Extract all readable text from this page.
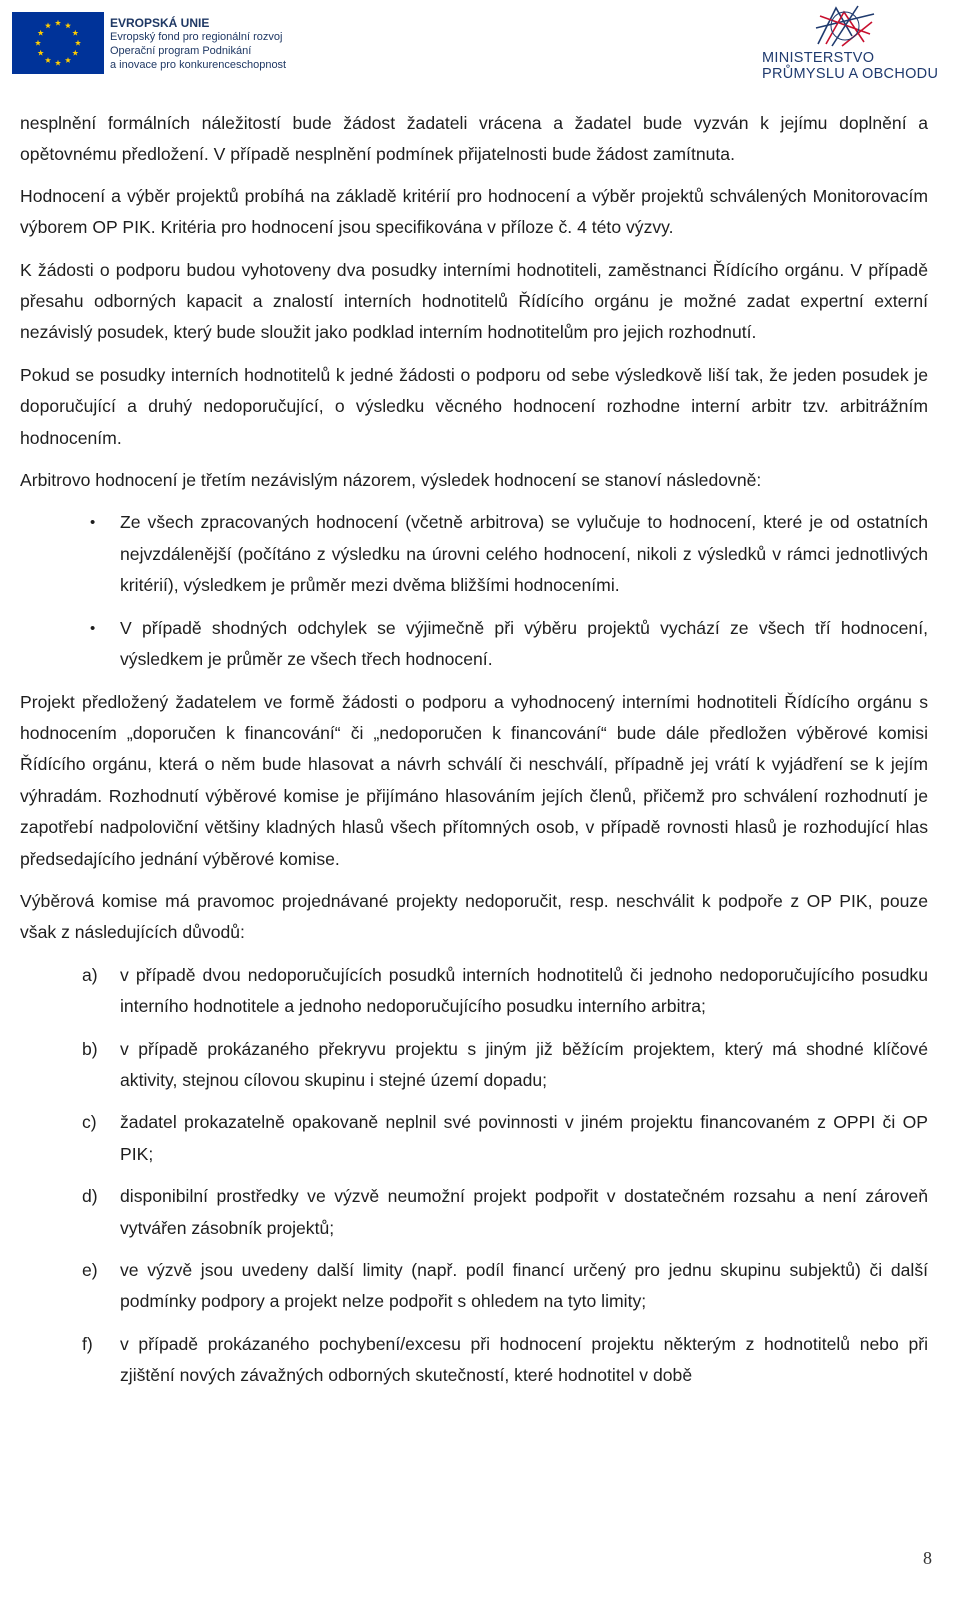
EVROPSKÁ UNIE
Evropský fond pro regionální rozvoj
Operační program Podnikání
a inovace pro konkurenceschopnost	MINISTERSTVO
PRŮMYSLU A OBCHODU

nesplnění formálních náležitostí bude žádost žadateli vrácena a žadatel bude vyzván k jejímu doplnění a opětovnému předložení. V případě nesplnění podmínek přijatelnosti bude žádost zamítnuta.

Hodnocení a výběr projektů probíhá na základě kritérií pro hodnocení a výběr projektů schválených Monitorovacím výborem OP PIK. Kritéria pro hodnocení jsou specifikována v příloze č. 4 této výzvy.

K žádosti o podporu budou vyhotoveny dva posudky interními hodnotiteli, zaměstnanci Řídícího orgánu. V případě přesahu odborných kapacit a znalostí interních hodnotitelů Řídícího orgánu je možné zadat expertní externí nezávislý posudek, který bude sloužit jako podklad interním hodnotitelům pro jejich rozhodnutí.

Pokud se posudky interních hodnotitelů k jedné žádosti o podporu od sebe výsledkově liší tak, že jeden posudek je doporučující a druhý nedoporučující, o výsledku věcného hodnocení rozhodne interní arbitr tzv. arbitrážním hodnocením.

Arbitrovo hodnocení je třetím nezávislým názorem, výsledek hodnocení se stanoví následovně:

• Ze všech zpracovaných hodnocení (včetně arbitrova) se vylučuje to hodnocení, které je od ostatních nejvzdálenější (počítáno z výsledku na úrovni celého hodnocení, nikoli z výsledků v rámci jednotlivých kritérií), výsledkem je průměr mezi dvěma bližšími hodnoceními.
• V případě shodných odchylek se výjimečně při výběru projektů vychází ze všech tří hodnocení, výsledkem je průměr ze všech třech hodnocení.

Projekt předložený žadatelem ve formě žádosti o podporu a vyhodnocený interními hodnotiteli Řídícího orgánu s hodnocením „doporučen k financování“ či „nedoporučen k financování“ bude dále předložen výběrové komisi Řídícího orgánu, která o něm bude hlasovat a návrh schválí či neschválí, případně jej vrátí k vyjádření se k jejím výhradám. Rozhodnutí výběrové komise je přijímáno hlasováním jejích členů, přičemž pro schválení rozhodnutí je zapotřebí nadpoloviční většiny kladných hlasů všech přítomných osob, v případě rovnosti hlasů je rozhodující hlas předsedajícího jednání výběrové komise.

Výběrová komise má pravomoc projednávané projekty nedoporučit, resp. neschválit k podpoře z OP PIK, pouze však z následujících důvodů:

a) v případě dvou nedoporučujících posudků interních hodnotitelů či jednoho nedoporučujícího posudku interního hodnotitele a jednoho nedoporučujícího posudku interního arbitra;
b) v případě prokázaného překryvu projektu s jiným již běžícím projektem, který má shodné klíčové aktivity, stejnou cílovou skupinu i stejné území dopadu;
c) žadatel prokazatelně opakovaně neplnil své povinnosti v jiném projektu financovaném z OPPI či OP PIK;
d) disponibilní prostředky ve výzvě neumožní projekt podpořit v dostatečném rozsahu a není zároveň vytvářen zásobník projektů;
e) ve výzvě jsou uvedeny další limity (např. podíl financí určený pro jednu skupinu subjektů) či další podmínky podpory a projekt nelze podpořit s ohledem na tyto limity;
f) v případě prokázaného pochybení/excesu při hodnocení projektu některým z hodnotitelů nebo při zjištění nových závažných odborných skutečností, které hodnotitel v době
8
